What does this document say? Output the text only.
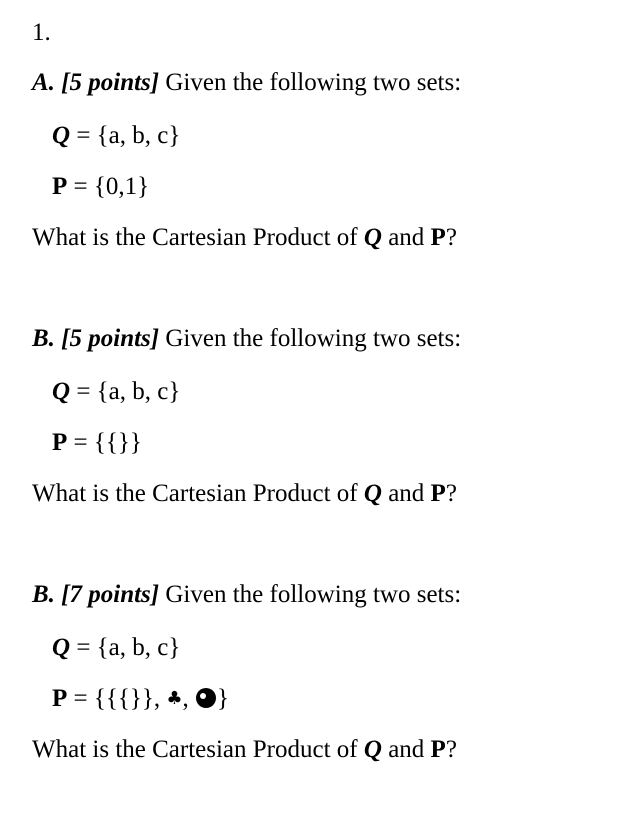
1.
A. [5 points] Given the following two sets:
Q = {a, b, c}
P = {0,1}
What is the Cartesian Product of Q and P?
B. [5 points] Given the following two sets:
Q = {a, b, c}
P = {{}}
What is the Cartesian Product of Q and P?
B. [7 points] Given the following two sets:
Q = {a, b, c}
P = {{{}}, ♣, }
What is the Cartesian Product of Q and P?
